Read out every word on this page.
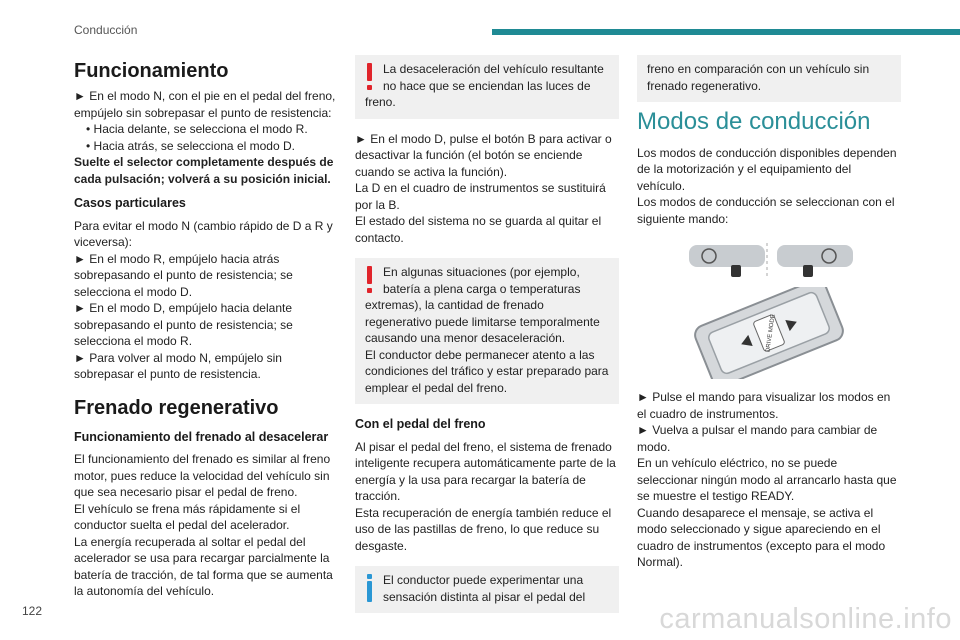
Conducción
Funcionamiento

► En el modo N, con el pie en el pedal del freno, empújelo sin sobrepasar el punto de resistencia:

• Hacia delante, se selecciona el modo R.

• Hacia atrás, se selecciona el modo D.

Suelte el selector completamente después de cada pulsación; volverá a su posición inicial.

Casos particulares

Para evitar el modo N (cambio rápido de D a R y viceversa):

► En el modo R, empújelo hacia atrás sobrepasando el punto de resistencia; se selecciona el modo D.

► En el modo D, empújelo hacia delante sobrepasando el punto de resistencia; se selecciona el modo R.

► Para volver al modo N, empújelo sin sobrepasar el punto de resistencia.

Frenado regenerativo
Funcionamiento del frenado al desacelerar

El funcionamiento del frenado es similar al freno motor, pues reduce la velocidad del vehículo sin que sea necesario pisar el pedal de freno.

El vehículo se frena más rápidamente si el conductor suelta el pedal del acelerador.

La energía recuperada al soltar el pedal del acelerador se usa para recargar parcialmente la batería de tracción, de tal forma que se aumenta la autonomía del vehículo.

La desaceleración del vehículo resultante no hace que se enciendan las luces de freno.

► En el modo D, pulse el botón B para activar o desactivar la función (el botón se enciende cuando se activa la función).

La D en el cuadro de instrumentos se sustituirá por la B.

El estado del sistema no se guarda al quitar el contacto.

En algunas situaciones (por ejemplo, batería a plena carga o temperaturas extremas), la cantidad de frenado regenerativo puede limitarse temporalmente causando una menor desaceleración.

El conductor debe permanecer atento a las condiciones del tráfico y estar preparado para emplear el pedal del freno.

Con el pedal del freno

Al pisar el pedal del freno, el sistema de frenado inteligente recupera automáticamente parte de la energía y la usa para recargar la batería de tracción.

Esta recuperación de energía también reduce el uso de las pastillas de freno, lo que reduce su desgaste.

El conductor puede experimentar una sensación distinta al pisar el pedal del

freno en comparación con un vehículo sin frenado regenerativo.

Modos de conducción

Los modos de conducción disponibles dependen de la motorización y el equipamiento del vehículo.

Los modos de conducción se seleccionan con el siguiente mando:

DRIVE MODE

► Pulse el mando para visualizar los modos en el cuadro de instrumentos.

► Vuelva a pulsar el mando para cambiar de modo.

En un vehículo eléctrico, no se puede seleccionar ningún modo al arrancarlo hasta que se muestre el testigo READY.

Cuando desaparece el mensaje, se activa el modo seleccionado y sigue apareciendo en el cuadro de instrumentos (excepto para el modo Normal).

122	carmanualsonline.info
